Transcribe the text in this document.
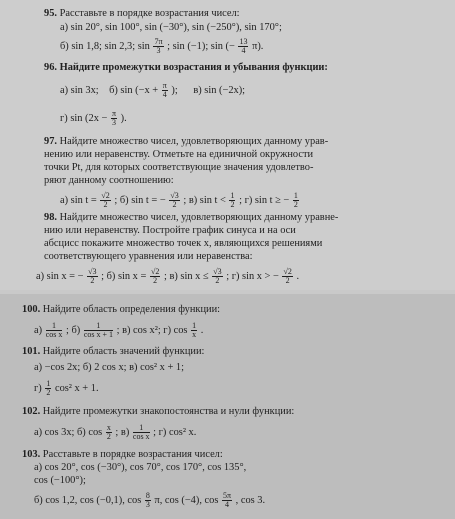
95. Расставьте в порядке возрастания чисел:
а) sin 20°, sin 100°, sin (−30°), sin (−250°), sin 170°;
б) sin 1,8; sin 2,3; $\sin \frac{7\pi}{3}$ ; sin (−1); sin (− $\frac{13}{4} \pi$).
96. Найдите промежутки возрастания и убывания функции:
а) sin 3x; б) $\sin (-x + \frac{\pi}{4}$ ); в) sin (−2x);
г) $\sin (2x - \frac{\pi}{3}$ ).
97. Найдите множество чисел, удовлетворяющих данному урав-
нению или неравенству. Отметьте на единичной окружности
точки Pt, для которых соответствующие значения удовлетво-
ряют данному соотношению:
а) $\sin t = \frac{√2}{2}$ ; б) sin t = − $\frac{√3}{2}$ ; в) $\sin t < \frac{1}{2}$ ; г) sin t ≥ − $\frac{1}{2}$
98. Найдите множество чисел, удовлетворяющих данному уравне-
нию или неравенству. Постройте график синуса и на оси
абсцисс покажите множество точек x, являющихся решениями
соответствующего уравнения или неравенства:
а) sin x = − $\frac{√3}{2}$ ; б) $\sin x = \frac{√2}{2}$ ; в) $\sin x \le \frac{√3}{2}$ ; г) sin x > − $\frac{√2}{2}$ .
100. Найдите область определения функции:
$а) \frac{1}{\text{cos x}}$ ; $б) \frac{1}{\text{cos x + 1}}$ ; в) cos x²; г) $\cos \frac{1}{x}$ .
101. Найдите область значений функции:
а) −cos 2x; б) 2 cos x; в) cos² x + 1;
$г) \frac{1}{2} \cos^2$ x + 1.
102. Найдите промежутки знакопостоянства и нули функции:
а) cos 3x; б) $\cos \frac{x}{2}$ ; $в) \frac{1}{\text{cos x}}$ ; г) cos² x.
103. Расставьте в порядке возрастания чисел:
а) cos 20°, cos (−30°), cos 70°, cos 170°, cos 135°,
cos (−100°);
б) cos 1,2, cos (−0,1), $\cos \frac{8}{3} \pi$, cos (−4), $\cos \frac{5\pi}{4}$ , cos 3.
